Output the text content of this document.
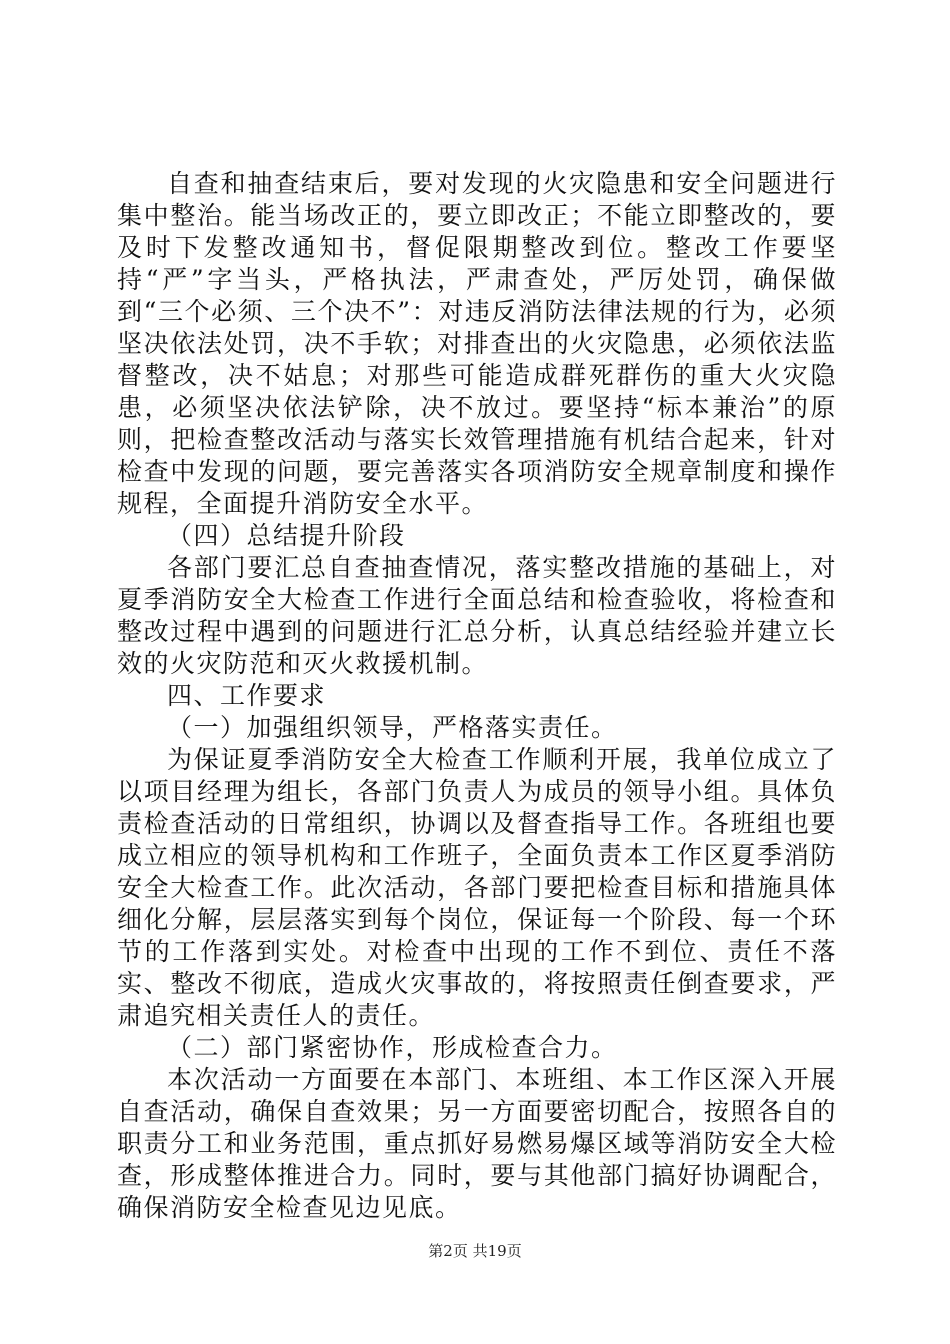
自查和抽查结束后，要对发现的火灾隐患和安全问题进行集中整治。能当场改正的，要立即改正；不能立即整改的，要及时下发整改通知书，督促限期整改到位。整改工作要坚持“严”字当头，严格执法，严肃查处，严厉处罚，确保做到“三个必须、三个决不”：对违反消防法律法规的行为，必须坚决依法处罚，决不手软；对排查出的火灾隐患，必须依法监督整改，决不姑息；对那些可能造成群死群伤的重大火灾隐患，必须坚决依法铲除，决不放过。要坚持“标本兼治”的原则，把检查整改活动与落实长效管理措施有机结合起来，针对检查中发现的问题，要完善落实各项消防安全规章制度和操作规程，全面提升消防安全水平。

（四）总结提升阶段

各部门要汇总自查抽查情况，落实整改措施的基础上，对夏季消防安全大检查工作进行全面总结和检查验收，将检查和整改过程中遇到的问题进行汇总分析，认真总结经验并建立长效的火灾防范和灭火救援机制。

四、工作要求

（一）加强组织领导，严格落实责任。

为保证夏季消防安全大检查工作顺利开展，我单位成立了以项目经理为组长，各部门负责人为成员的领导小组。具体负责检查活动的日常组织，协调以及督查指导工作。各班组也要成立相应的领导机构和工作班子，全面负责本工作区夏季消防安全大检查工作。此次活动，各部门要把检查目标和措施具体细化分解，层层落实到每个岗位，保证每一个阶段、每一个环节的工作落到实处。对检查中出现的工作不到位、责任不落实、整改不彻底，造成火灾事故的，将按照责任倒查要求，严肃追究相关责任人的责任。

（二）部门紧密协作，形成检查合力。

本次活动一方面要在本部门、本班组、本工作区深入开展自查活动，确保自查效果；另一方面要密切配合，按照各自的职责分工和业务范围，重点抓好易燃易爆区域等消防安全大检查，形成整体推进合力。同时，要与其他部门搞好协调配合，确保消防安全检查见边见底。

第2页 共19页
